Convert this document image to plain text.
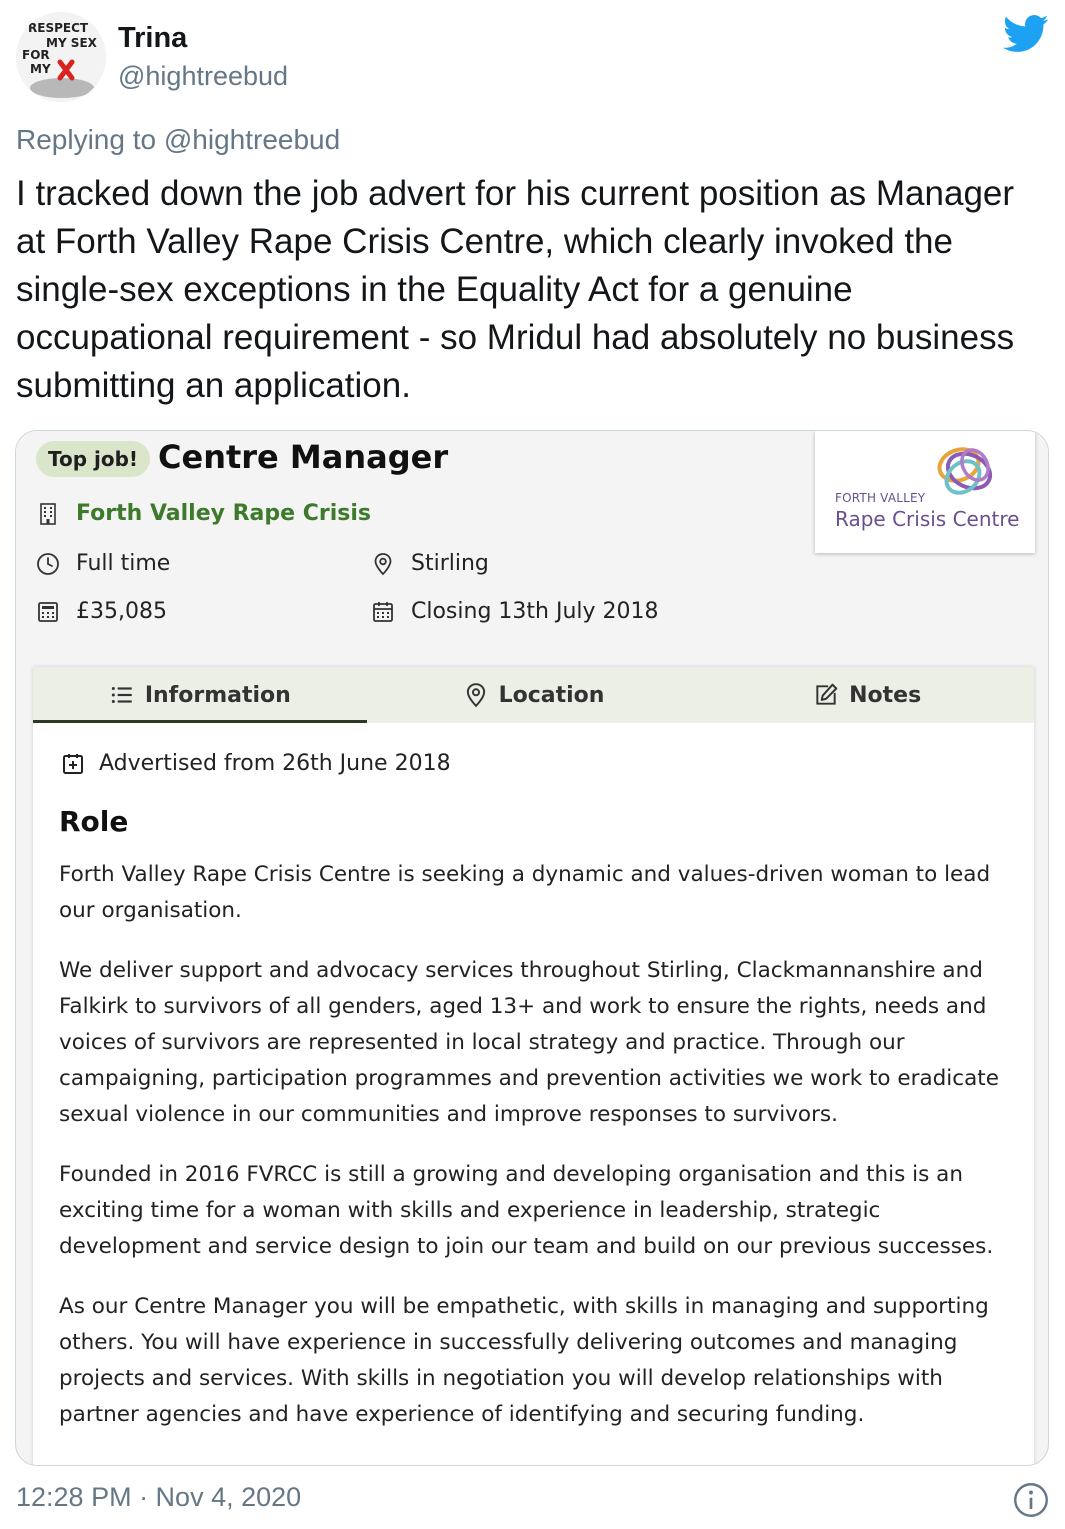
RESPECT
MY SEX
FOR
MY
Trina
@hightreebud
Replying to @hightreebud
I tracked down the job advert for his current position as Manager at Forth Valley Rape Crisis Centre, which clearly invoked the single-sex exceptions in the Equality Act for a genuine occupational requirement - so Mridul had absolutely no business submitting an application.
Top job! Centre Manager
Forth Valley Rape Crisis
Full time	Stirling
£35,085	Closing 13th July 2018
FORTH VALLEY
Rape Crisis Centre
Information	Location	Notes
Advertised from 26th June 2018
Role

Forth Valley Rape Crisis Centre is seeking a dynamic and values-driven woman to lead our organisation.

We deliver support and advocacy services throughout Stirling, Clackmannanshire and Falkirk to survivors of all genders, aged 13+ and work to ensure the rights, needs and voices of survivors are represented in local strategy and practice. Through our campaigning, participation programmes and prevention activities we work to eradicate sexual violence in our communities and improve responses to survivors.

Founded in 2016 FVRCC is still a growing and developing organisation and this is an exciting time for a woman with skills and experience in leadership, strategic development and service design to join our team and build on our previous successes.

As our Centre Manager you will be empathetic, with skills in managing and supporting others. You will have experience in successfully delivering outcomes and managing projects and services. With skills in negotiation you will develop relationships with partner agencies and have experience of identifying and securing funding.

12:28 PM · Nov 4, 2020
